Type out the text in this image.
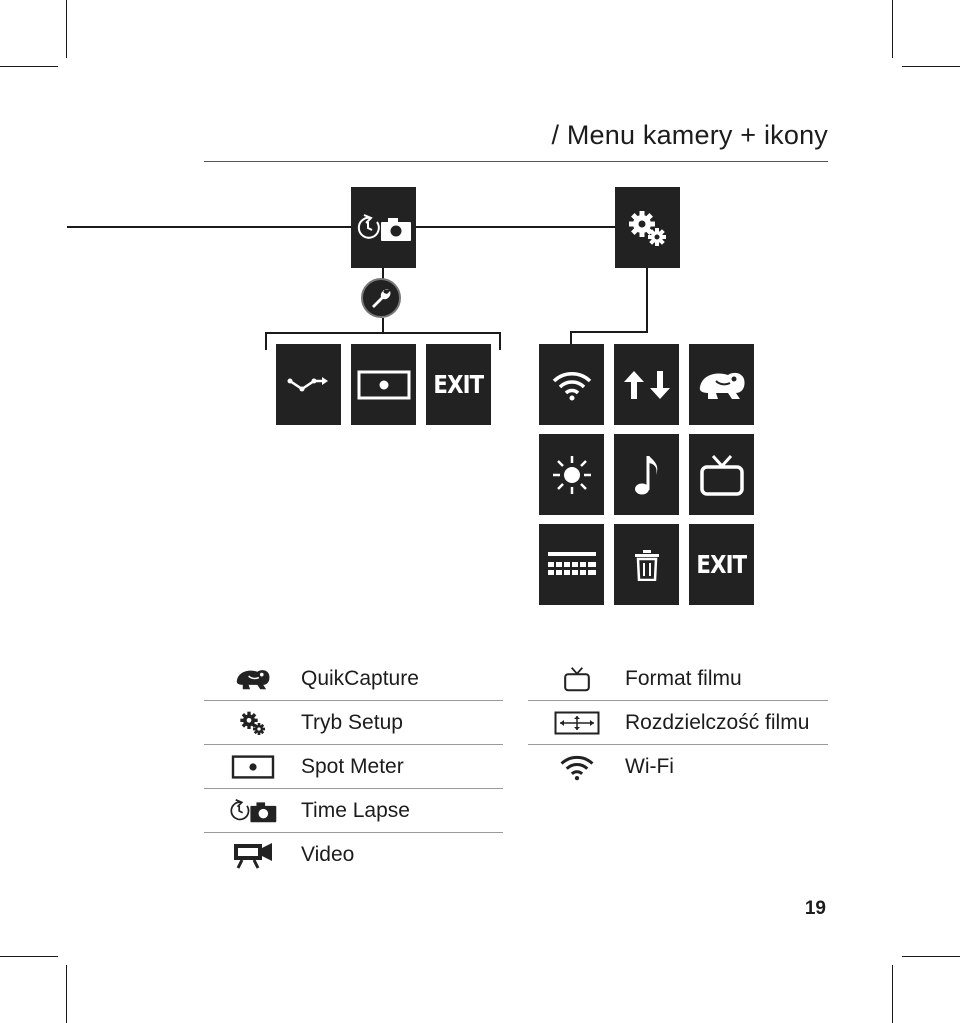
/ Menu kamery + ikony
EXIT
EXIT
QuikCapture
Tryb Setup
Spot Meter
Time Lapse
Video
Format filmu
Rozdzielczość filmu
Wi-Fi
19
